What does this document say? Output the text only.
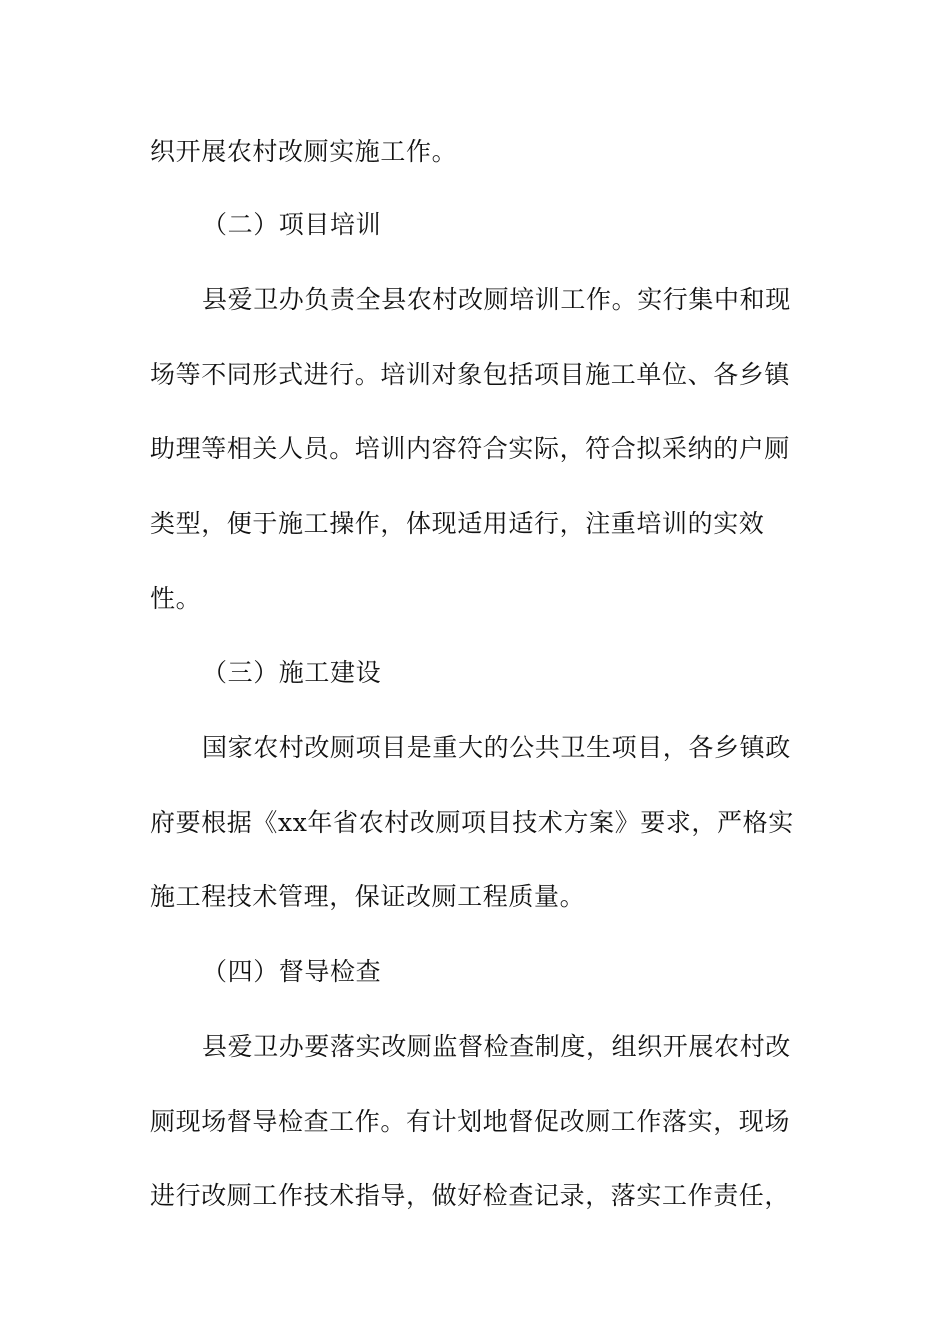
织开展农村改厕实施工作。
（二）项目培训
县爱卫办负责全县农村改厕培训工作。实行集中和现
场等不同形式进行。培训对象包括项目施工单位、各乡镇
助理等相关人员。培训内容符合实际，符合拟采纳的户厕
类型，便于施工操作，体现适用适行，注重培训的实效
性。
（三）施工建设
国家农村改厕项目是重大的公共卫生项目，各乡镇政
府要根据《xx年省农村改厕项目技术方案》要求，严格实
施工程技术管理，保证改厕工程质量。
（四）督导检查
县爱卫办要落实改厕监督检查制度，组织开展农村改
厕现场督导检查工作。有计划地督促改厕工作落实，现场
进行改厕工作技术指导，做好检查记录，落实工作责任，
